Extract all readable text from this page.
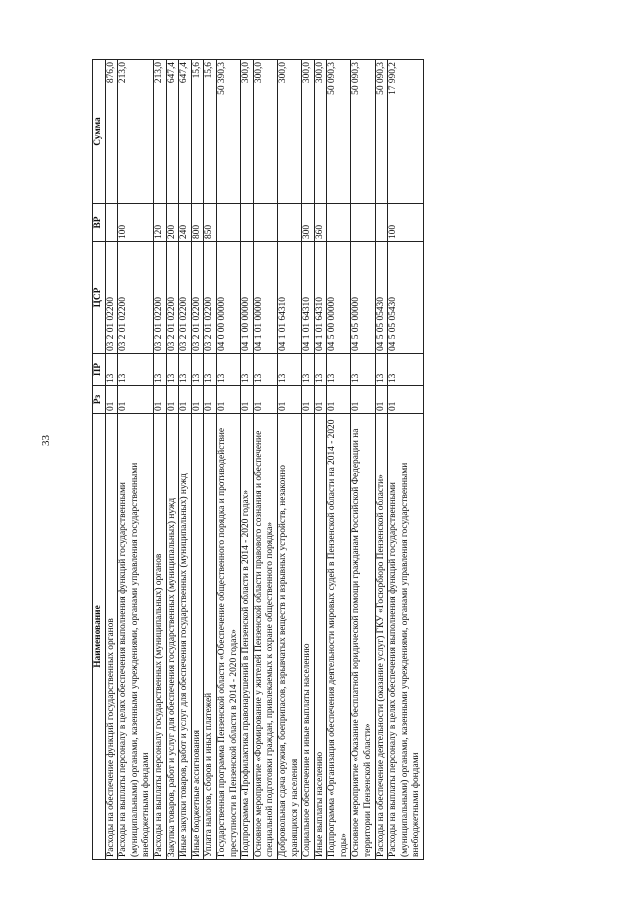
33
Наименование	Рз	ПР	ЦСР	ВР	Сумма
Расходы на обеспечение функций государственных органов	01	13	03 2 01 02200		876,0
Расходы на выплаты персоналу в целях обеспечения выполнения функций государственными (муниципальными) органами, казенными учреждениями, органами управления государственными внебюджетными фондами	01	13	03 2 01 02200	100	213,0
Расходы на выплаты персоналу государственных (муниципальных) органов	01	13	03 2 01 02200	120	213,0
Закупка товаров, работ и услуг для обеспечения государственных (муниципальных) нужд	01	13	03 2 01 02200	200	647,4
Иные закупки товаров, работ и услуг для обеспечения государственных (муниципальных) нужд	01	13	03 2 01 02200	240	647,4
Иные бюджетные ассигнования	01	13	03 2 01 02200	800	15,6
Уплата налогов, сборов и иных платежей	01	13	03 2 01 02200	850	15,6
Государственная программа Пензенской области «Обеспечение общественного порядка и противодействие преступности в Пензенской области в 2014 - 2020 годах»	01	13	04 0 00 00000		50 390,3
Подпрограмма «Профилактика правонарушений в Пензенской области в 2014 - 2020 годах»	01	13	04 1 00 00000		300,0
Основное мероприятие «Формирование у жителей Пензенской области правового сознания и обеспечение специальной подготовки граждан, привлекаемых к охране общественного порядка»	01	13	04 1 01 00000		300,0
Добровольная сдача оружия, боеприпасов, взрывчатых веществ и взрывных устройств, незаконно хранящихся у населения	01	13	04 1 01 64310		300,0
Социальное обеспечение и иные выплаты населению	01	13	04 1 01 64310	300	300,0
Иные выплаты населению	01	13	04 1 01 64310	360	300,0
Подпрограмма «Организация обеспечения деятельности мировых судей в Пензенской области на 2014 - 2020 годы»	01	13	04 5 00 00000		50 090,3
Основное мероприятие «Оказание бесплатной юридической помощи гражданам Российской Федерации на территории Пензенской области»	01	13	04 5 05 00000		50 090,3
Расходы на обеспечение деятельности (оказание услуг) ГКУ «Госюрбюро Пензенской области»	01	13	04 5 05 05430		50 090,3
Расходы на выплаты персоналу в целях обеспечения выполнения функций государственными (муниципальными) органами, казенными учреждениями, органами управления государственными внебюджетными фондами	01	13	04 5 05 05430	100	17 990,2
